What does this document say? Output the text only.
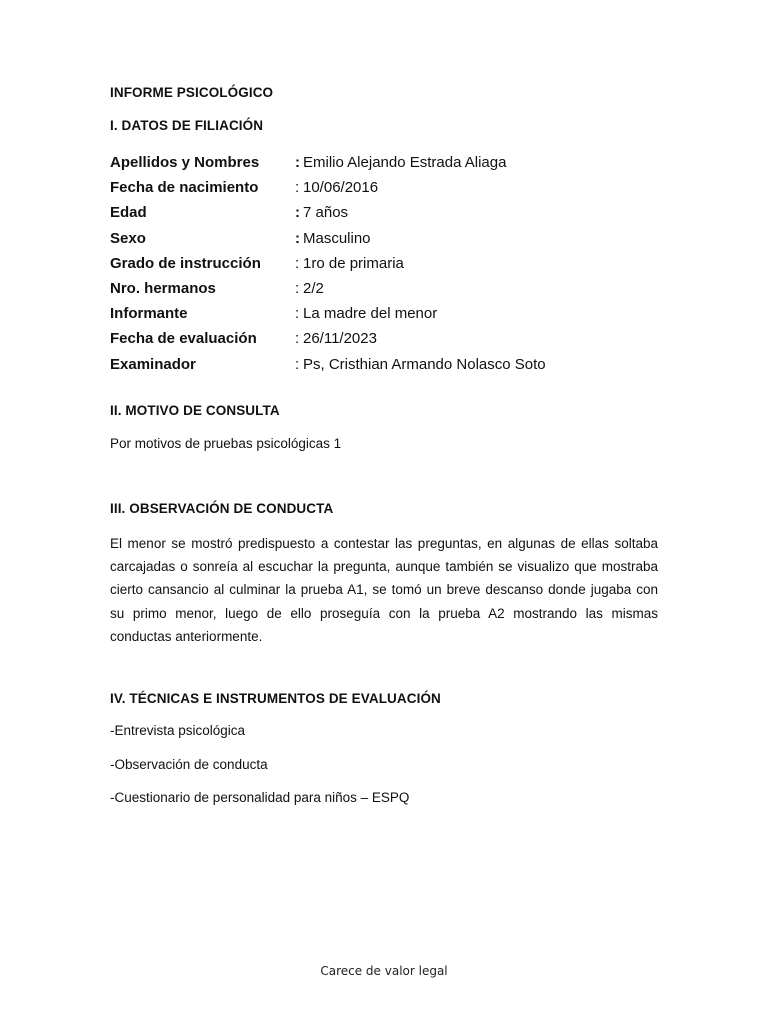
INFORME PSICOLÓGICO
I. DATOS DE FILIACIÓN
Apellidos y Nombres	: Emilio Alejando Estrada Aliaga
Fecha de nacimiento	: 10/06/2016
Edad	: 7 años
Sexo	: Masculino
Grado de instrucción	: 1ro de primaria
Nro. hermanos	: 2/2
Informante	: La madre del menor
Fecha de evaluación	: 26/11/2023
Examinador	: Ps, Cristhian Armando Nolasco Soto
II. MOTIVO DE CONSULTA
Por motivos de pruebas psicológicas 1
III. OBSERVACIÓN DE CONDUCTA

El menor se mostró predispuesto a contestar las preguntas, en algunas de ellas soltaba carcajadas o sonreía al escuchar la pregunta, aunque también se visualizo que mostraba cierto cansancio al culminar la prueba A1, se tomó un breve descanso donde jugaba con su primo menor, luego de ello proseguía con la prueba A2 mostrando las mismas conductas anteriormente.

IV. TÉCNICAS E INSTRUMENTOS DE EVALUACIÓN
-Entrevista psicológica
-Observación de conducta
-Cuestionario de personalidad para niños – ESPQ
Carece de valor legal
